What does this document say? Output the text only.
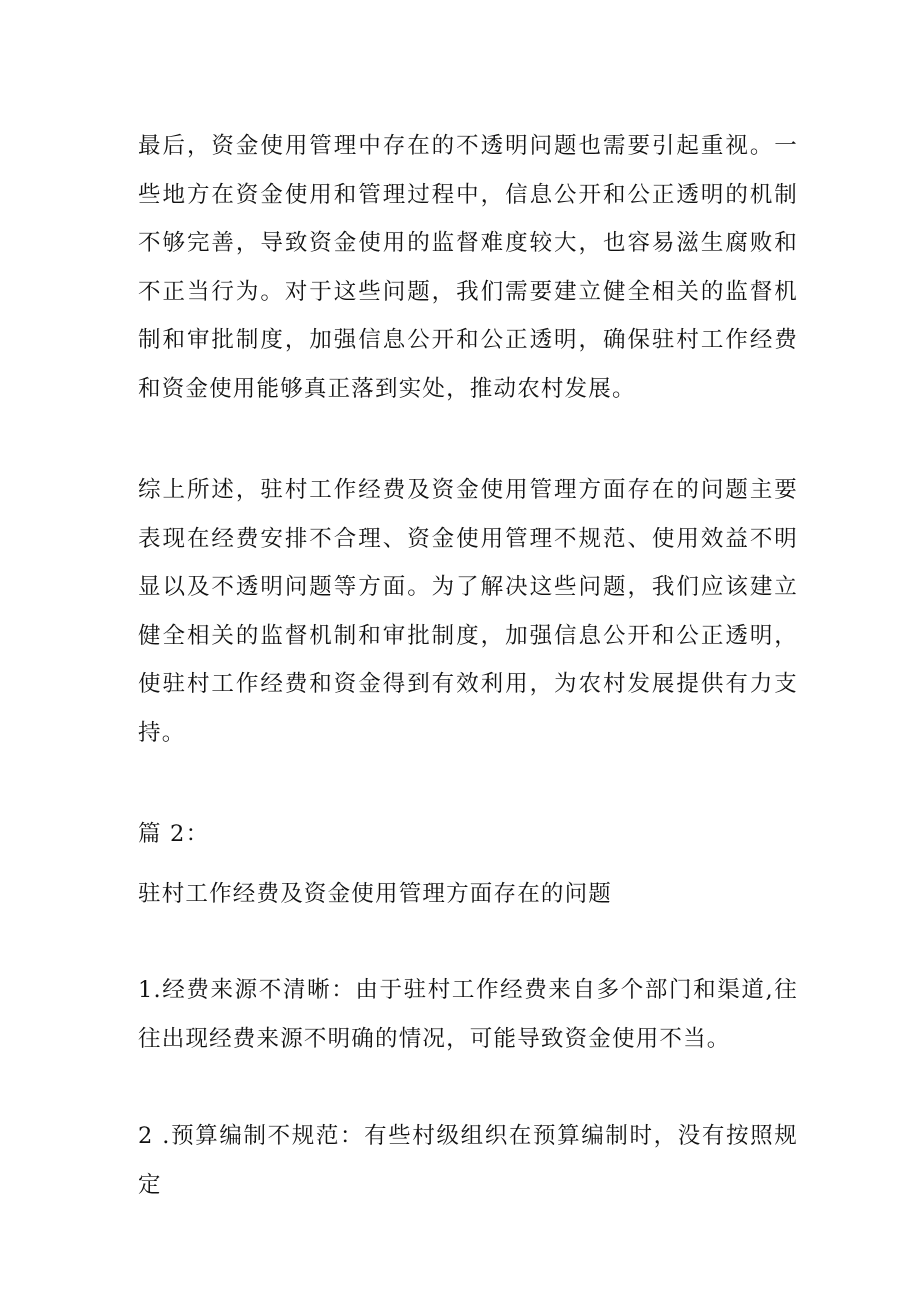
最后，资金使用管理中存在的不透明问题也需要引起重视。一些地方在资金使用和管理过程中，信息公开和公正透明的机制不够完善，导致资金使用的监督难度较大，也容易滋生腐败和不正当行为。对于这些问题，我们需要建立健全相关的监督机制和审批制度，加强信息公开和公正透明，确保驻村工作经费和资金使用能够真正落到实处，推动农村发展。

综上所述，驻村工作经费及资金使用管理方面存在的问题主要表现在经费安排不合理、资金使用管理不规范、使用效益不明显以及不透明问题等方面。为了解决这些问题，我们应该建立健全相关的监督机制和审批制度，加强信息公开和公正透明，使驻村工作经费和资金得到有效利用，为农村发展提供有力支持。

篇 2：

驻村工作经费及资金使用管理方面存在的问题

1.经费来源不清晰：由于驻村工作经费来自多个部门和渠道,往往出现经费来源不明确的情况，可能导致资金使用不当。

2 .预算编制不规范：有些村级组织在预算编制时，没有按照规定
